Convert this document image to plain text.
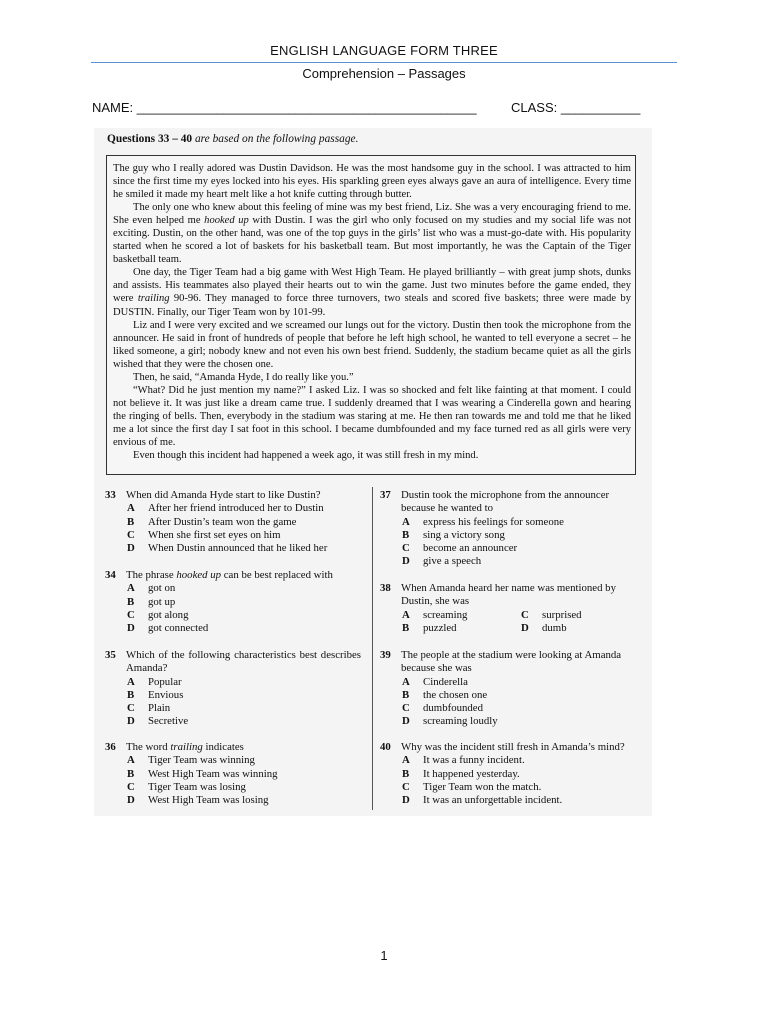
ENGLISH LANGUAGE FORM THREE
Comprehension – Passages
NAME: _______________________________________________	CLASS: ___________
Questions 33 – 40 are based on the following passage.

The guy who I really adored was Dustin Davidson. He was the most handsome guy in the school. I was attracted to him since the first time my eyes locked into his eyes. His sparkling green eyes always gave an aura of intelligence. Every time he smiled it made my heart melt like a hot knife cutting through butter.

The only one who knew about this feeling of mine was my best friend, Liz. She was a very encouraging friend to me. She even helped me hooked up with Dustin. I was the girl who only focused on my studies and my social life was not exciting. Dustin, on the other hand, was one of the top guys in the girls’ list who was a must-go-date with. His popularity started when he scored a lot of baskets for his basketball team. But most importantly, he was the Captain of the Tiger basketball team.

One day, the Tiger Team had a big game with West High Team. He played brilliantly – with great jump shots, dunks and assists. His teammates also played their hearts out to win the game. Just two minutes before the game ended, they were trailing 90-96. They managed to force three turnovers, two steals and scored five baskets; three were made by DUSTIN. Finally, our Tiger Team won by 101-99.

Liz and I were very excited and we screamed our lungs out for the victory. Dustin then took the microphone from the announcer. He said in front of hundreds of people that before he left high school, he wanted to tell everyone a secret – he liked someone, a girl; nobody knew and not even his own best friend. Suddenly, the stadium became quiet as all the girls wished that they were the chosen one.

Then, he said, “Amanda Hyde, I do really like you.”

“What? Did he just mention my name?” I asked Liz. I was so shocked and felt like fainting at that moment. I could not believe it. It was just like a dream came true. I suddenly dreamed that I was wearing a Cinderella gown and hearing the ringing of bells. Then, everybody in the stadium was staring at me. He then ran towards me and told me that he liked me a lot since the first day I sat foot in this school. I became dumbfounded and my face turned red as all girls were very envious of me.

Even though this incident had happened a week ago, it was still fresh in my mind.

33 When did Amanda Hyde start to like Dustin?
A After her friend introduced her to Dustin
B After Dustin’s team won the game
C When she first set eyes on him
D When Dustin announced that he liked her
34 The phrase hooked up can be best replaced with
A got on
B got up
C got along
D got connected
35 Which of the following characteristics best describes Amanda?
A Popular
B Envious
C Plain
D Secretive
36 The word trailing indicates
A Tiger Team was winning
B West High Team was winning
C Tiger Team was losing
D West High Team was losing
37 Dustin took the microphone from the announcer because he wanted to
A express his feelings for someone
B sing a victory song
C become an announcer
D give a speech
38 When Amanda heard her name was mentioned by Dustin, she was
A screaming	C surprised
B puzzled	D dumb
39 The people at the stadium were looking at Amanda because she was
A Cinderella
B the chosen one
C dumbfounded
D screaming loudly
40 Why was the incident still fresh in Amanda’s mind?
A It was a funny incident.
B It happened yesterday.
C Tiger Team won the match.
D It was an unforgettable incident.
1
